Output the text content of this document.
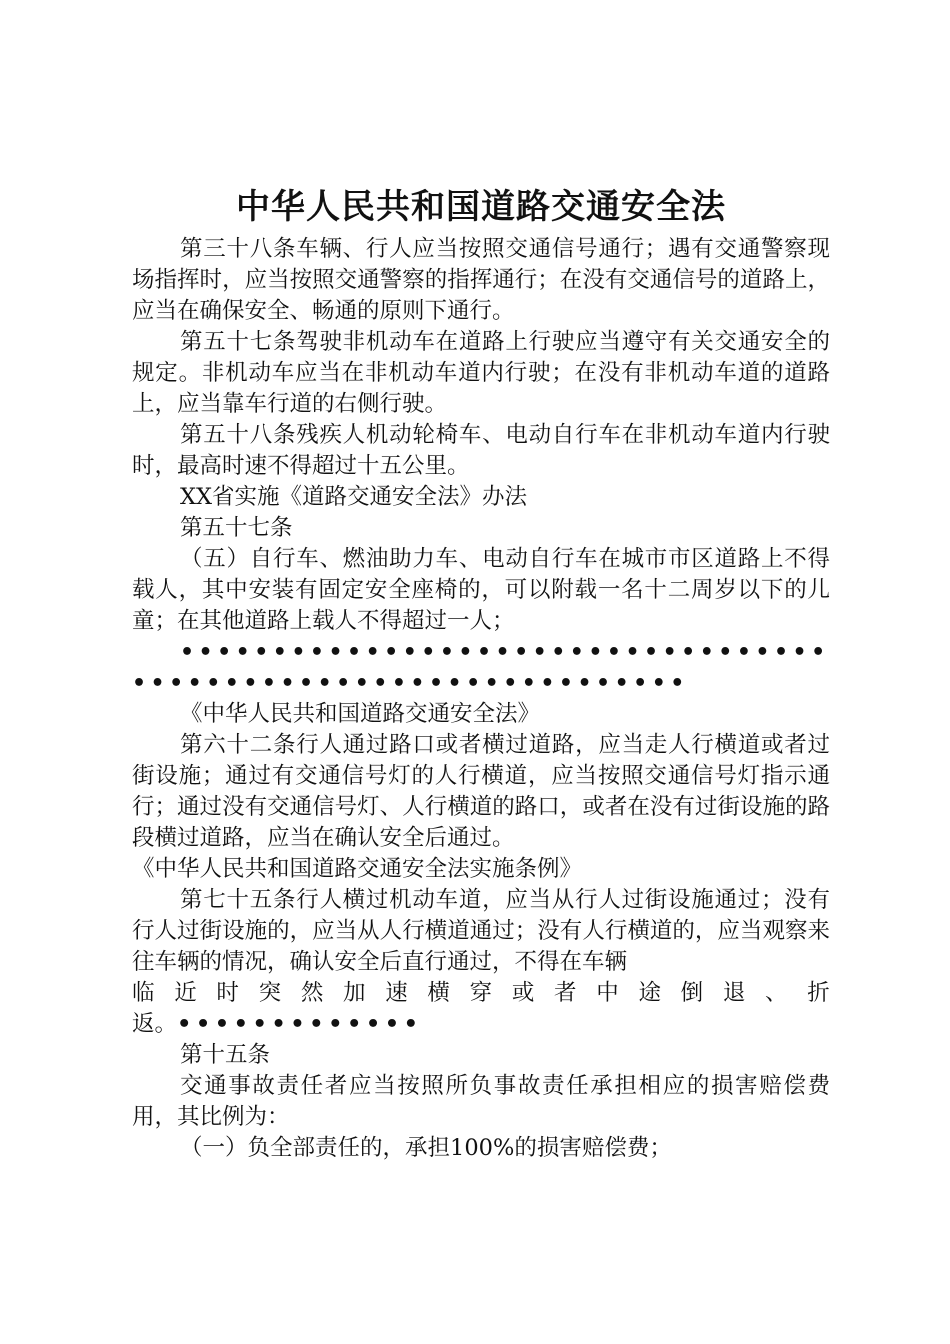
中华人民共和国道路交通安全法

第三十八条车辆、行人应当按照交通信号通行；遇有交通警察现场指挥时，应当按照交通警察的指挥通行；在没有交通信号的道路上，应当在确保安全、畅通的原则下通行。

第五十七条驾驶非机动车在道路上行驶应当遵守有关交通安全的规定。非机动车应当在非机动车道内行驶；在没有非机动车道的道路上，应当靠车行道的右侧行驶。

第五十八条残疾人机动轮椅车、电动自行车在非机动车道内行驶时，最高时速不得超过十五公里。

XX省实施《道路交通安全法》办法

第五十七条

（五）自行车、燃油助力车、电动自行车在城市市区道路上不得载人，其中安装有固定安全座椅的，可以附载一名十二周岁以下的儿童；在其他道路上载人不得超过一人；

•••••••••••••••••••••••••••••••••••••••••••••••••••••••••••••••••

《中华人民共和国道路交通安全法》

第六十二条行人通过路口或者横过道路，应当走人行横道或者过街设施；通过有交通信号灯的人行横道，应当按照交通信号灯指示通行；通过没有交通信号灯、人行横道的路口，或者在没有过街设施的路段横过道路，应当在确认安全后通过。

《中华人民共和国道路交通安全法实施条例》

第七十五条行人横过机动车道，应当从行人过街设施通过；没有行人过街设施的，应当从人行横道通过；没有人行横道的，应当观察来往车辆的情况，确认安全后直行通过，不得在车辆

临 近 时 突 然 加 速 横 穿 或 者 中 途 倒 退 、 折

返。•••••••••••••

第十五条

交通事故责任者应当按照所负事故责任承担相应的损害赔偿费用，其比例为：

（一）负全部责任的，承担100%的损害赔偿费；
